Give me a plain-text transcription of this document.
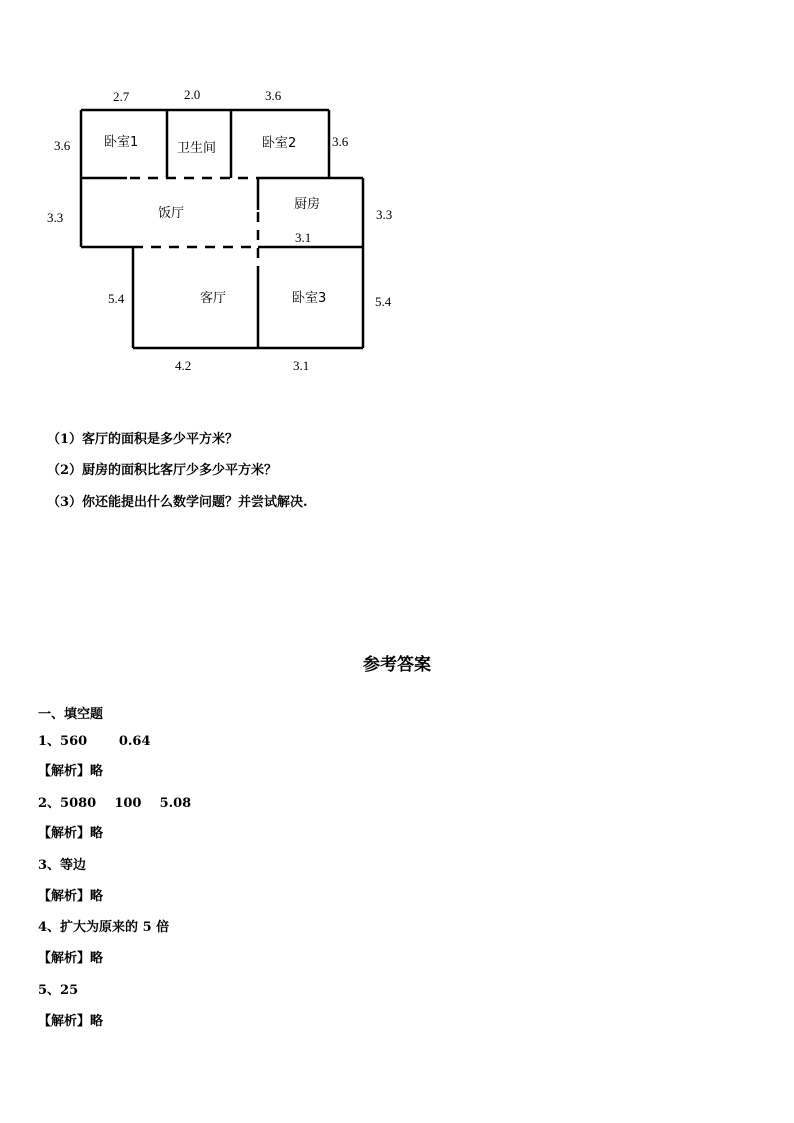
卧室1	卫生间	卧室2
饭厅
厨房
客厅	卧室3
2.7	2.0	3.6
3.6
3.3
5.4
3.6
3.3
5.4
3.1
4.2	3.1
（1）客厅的面积是多少平方米？
（2）厨房的面积比客厅少多少平方米？
（3）你还能提出什么数学问题？并尝试解决.
参考答案
一、填空题
1、560       0.64
【解析】略
2、5080    100    5.08
【解析】略
3、等边
【解析】略
4、扩大为原来的 5 倍
【解析】略
5、25
【解析】略
